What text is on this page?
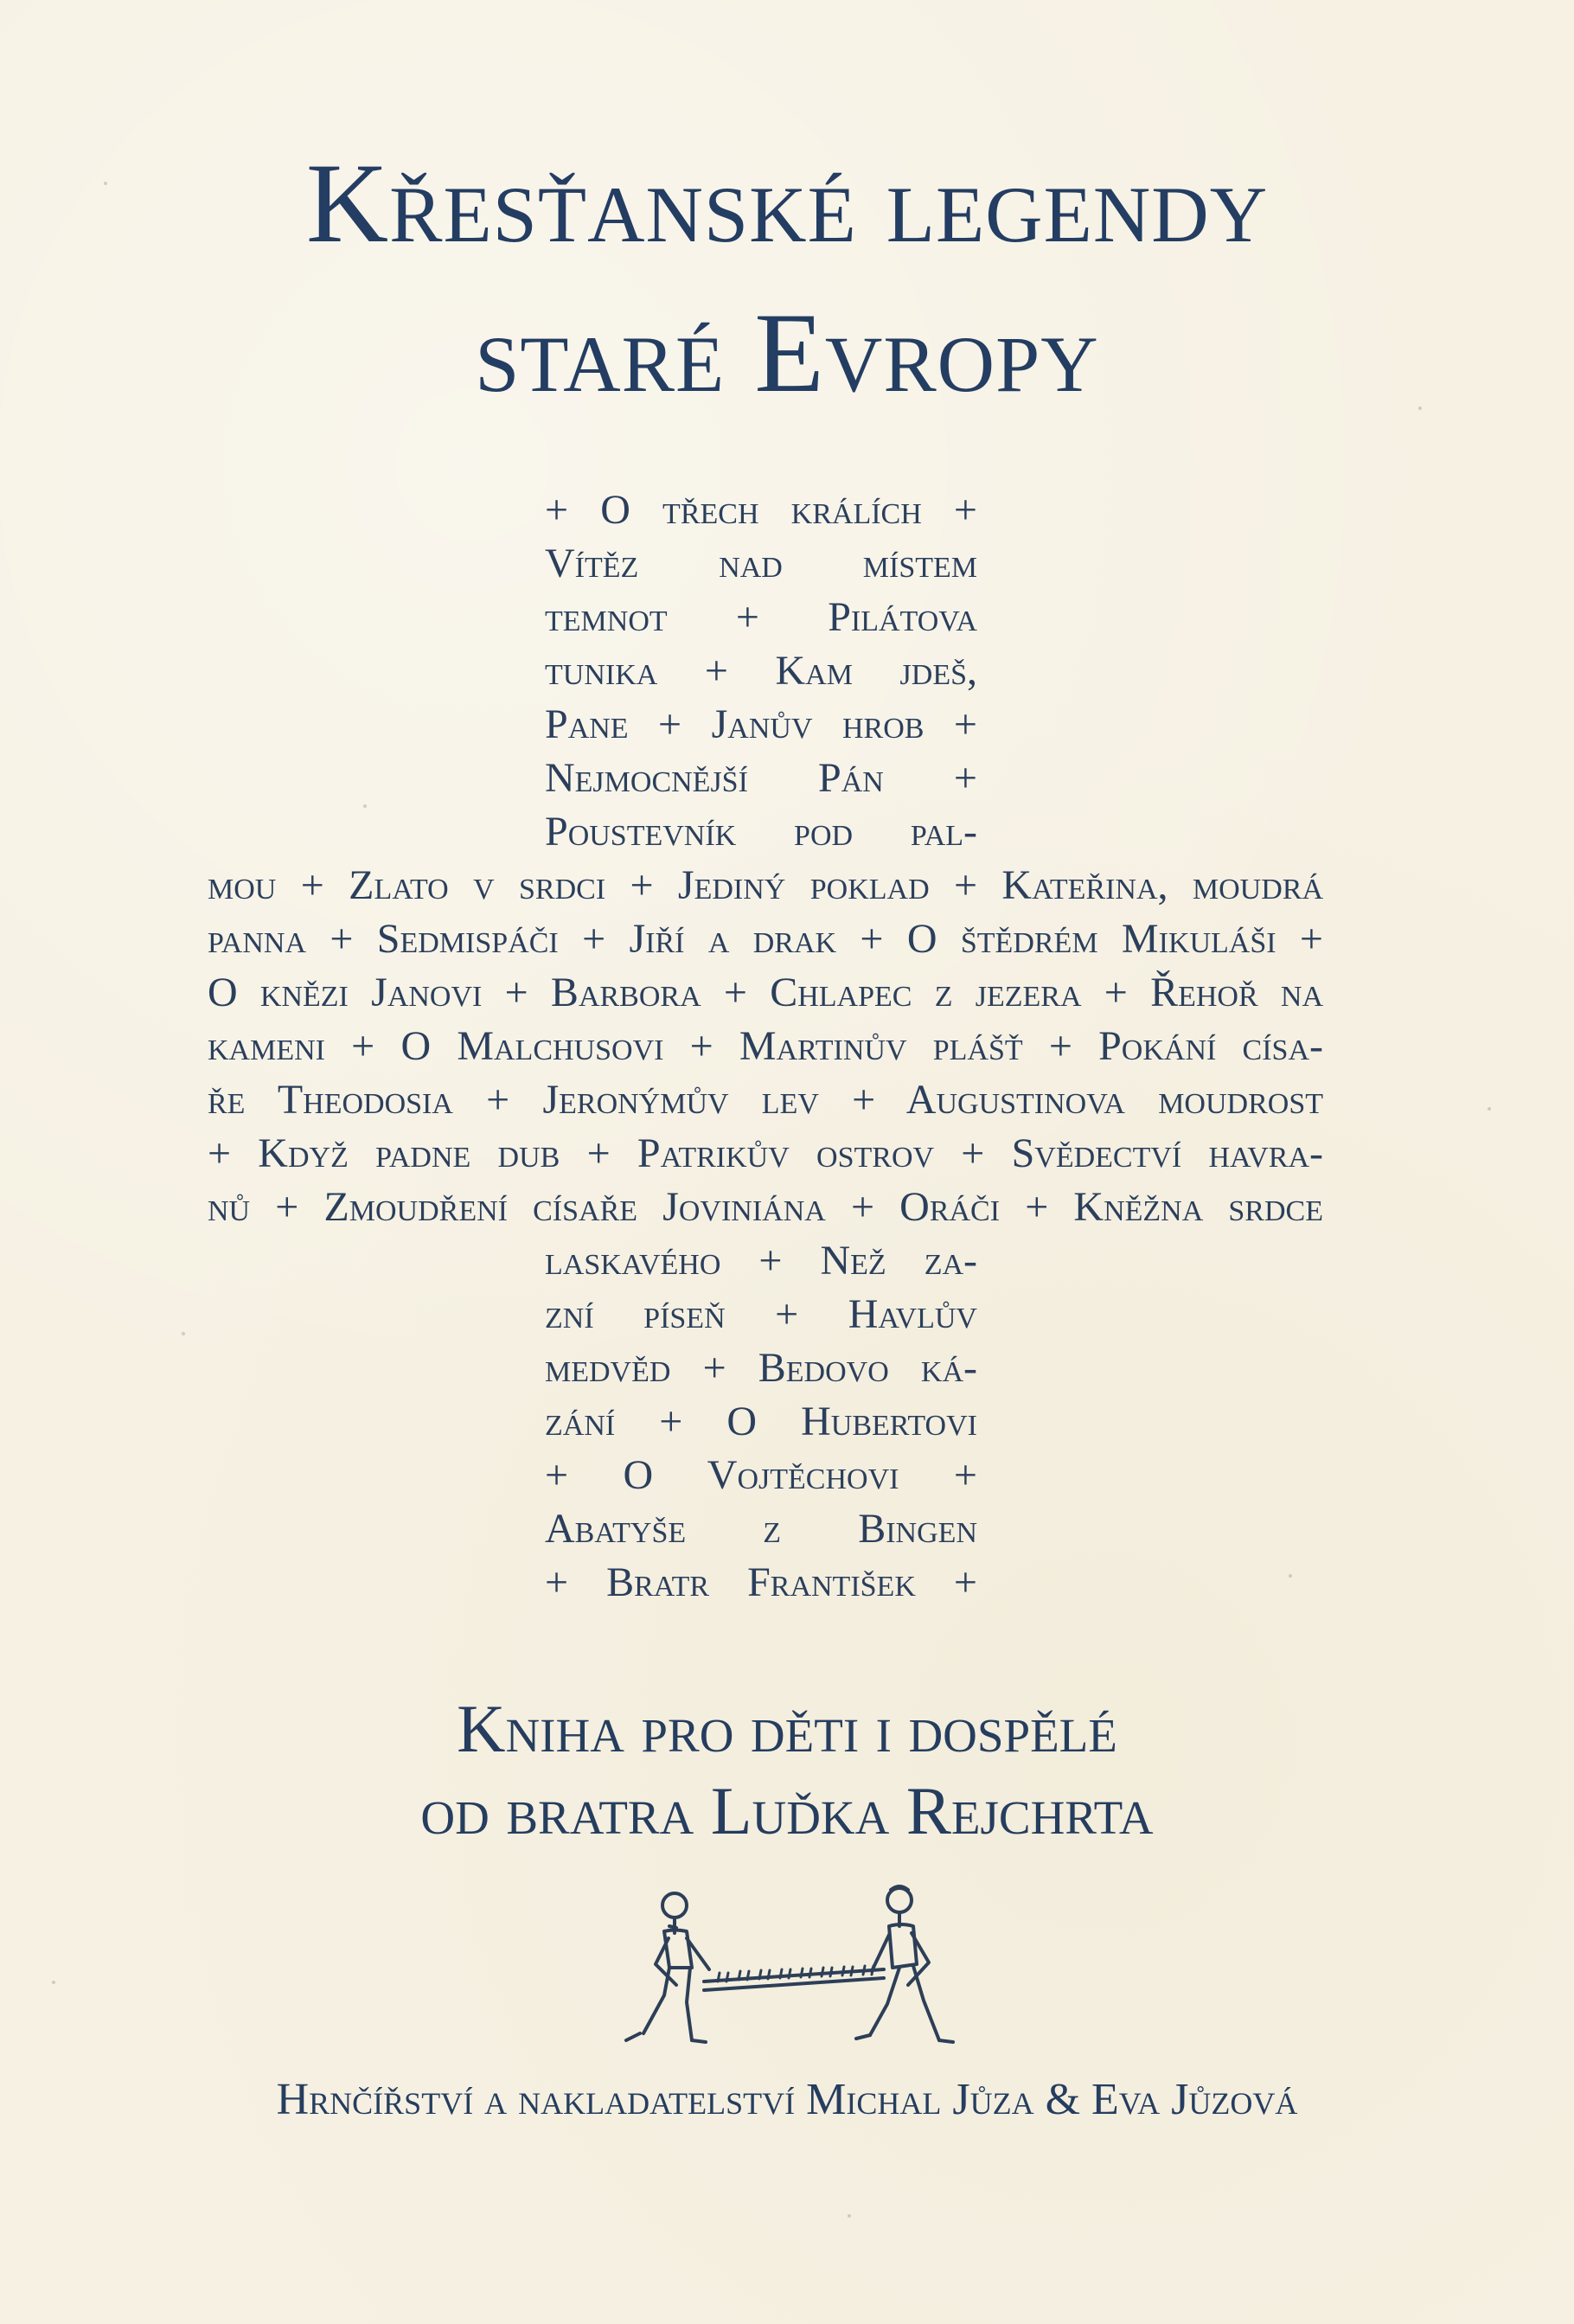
Křesťanské legendy
staré Evropy
+ O třech králích +
Vítěz nad místem
temnot + Pilátova
tunika + Kam jdeš,
Pane + Janův hrob +
Nejmocnější Pán +
Poustevník pod pal-
mou + Zlato v srdci + Jediný poklad + Kateřina, moudrá
panna + Sedmispáči + Jiří a drak + O štědrém Mikuláši +
O knězi Janovi + Barbora + Chlapec z jezera + Řehoř na
kameni + O Malchusovi + Martinův plášť + Pokání císa-
ře Theodosia + Jeronýmův lev + Augustinova moudrost
+ Když padne dub + Patrikův ostrov + Svědectví havra-
nů + Zmoudření císaře Joviniána + Oráči + Kněžna srdce
laskavého + Než za-
zní píseň + Havlův
medvěd + Bedovo ká-
zání + O Hubertovi
+ O Vojtěchovi +
Abatyše z Bingen
+ Bratr František +
Kniha pro děti i dospělé
od bratra Luďka Rejchrta
Hrnčířství a nakladatelství Michal Jůza & Eva Jůzová
